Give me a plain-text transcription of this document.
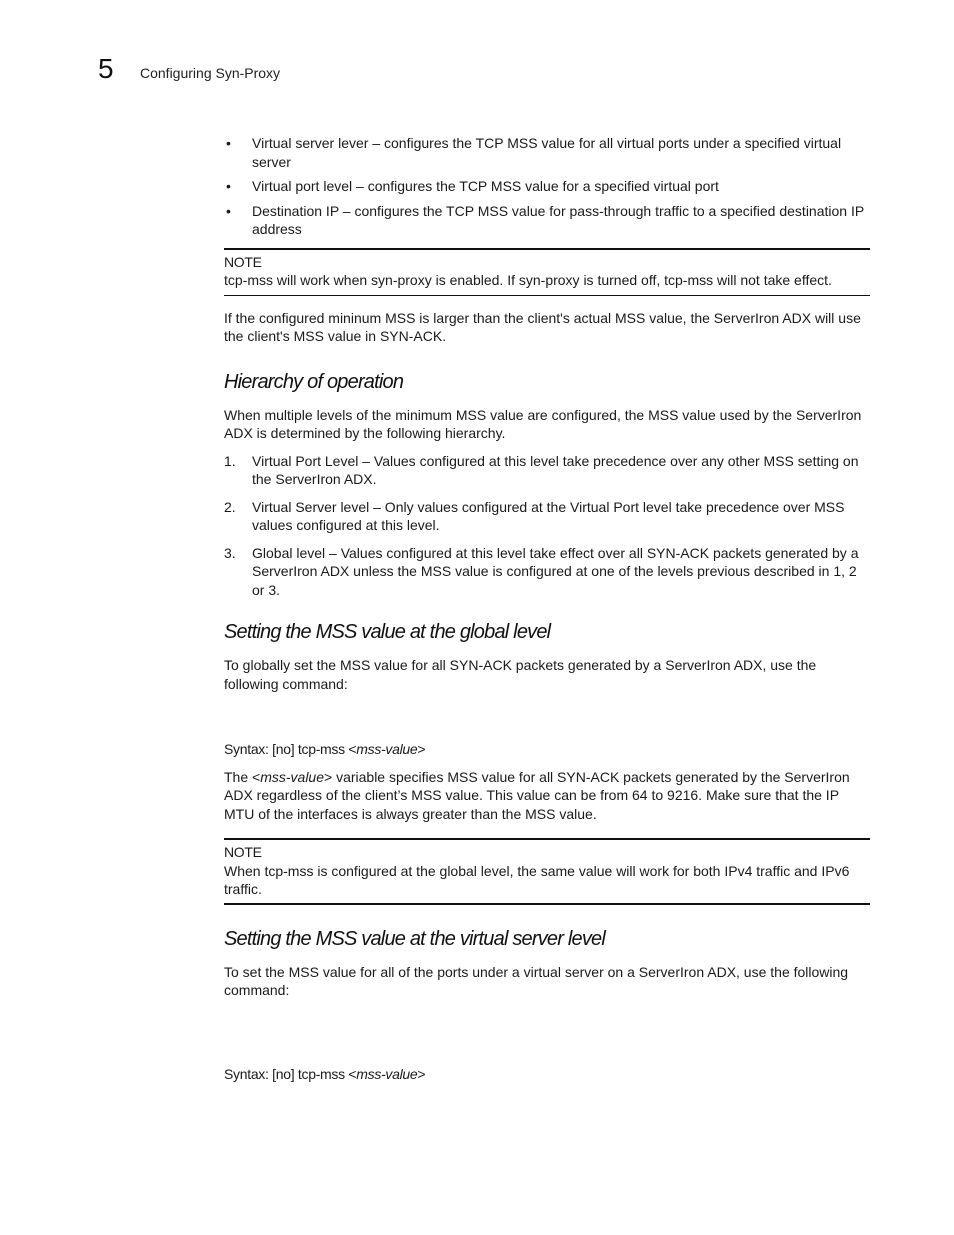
5 Configuring Syn-Proxy
• Virtual server lever – configures the TCP MSS value for all virtual ports under a specified virtual server
• Virtual port level – configures the TCP MSS value for a specified virtual port
• Destination IP – configures the TCP MSS value for pass-through traffic to a specified destination IP address
NOTE

tcp-mss will work when syn-proxy is enabled. If syn-proxy is turned off, tcp-mss will not take effect.

If the configured mininum MSS is larger than the client's actual MSS value, the ServerIron ADX will use the client's MSS value in SYN-ACK.

Hierarchy of operation

When multiple levels of the minimum MSS value are configured, the MSS value used by the ServerIron ADX is determined by the following hierarchy.

1. Virtual Port Level – Values configured at this level take precedence over any other MSS setting on the ServerIron ADX.
2. Virtual Server level – Only values configured at the Virtual Port level take precedence over MSS values configured at this level.
3. Global level – Values configured at this level take effect over all SYN-ACK packets generated by a ServerIron ADX unless the MSS value is configured at one of the levels previous described in 1, 2 or 3.
Setting the MSS value at the global level

To globally set the MSS value for all SYN-ACK packets generated by a ServerIron ADX, use the following command:

Syntax: [no] tcp-mss <mss-value>

The <mss-value> variable specifies MSS value for all SYN-ACK packets generated by the ServerIron ADX regardless of the client’s MSS value. This value can be from 64 to 9216. Make sure that the IP MTU of the interfaces is always greater than the MSS value.

NOTE

When tcp-mss is configured at the global level, the same value will work for both IPv4 traffic and IPv6 traffic.

Setting the MSS value at the virtual server level

To set the MSS value for all of the ports under a virtual server on a ServerIron ADX, use the following command:

Syntax: [no] tcp-mss <mss-value>
